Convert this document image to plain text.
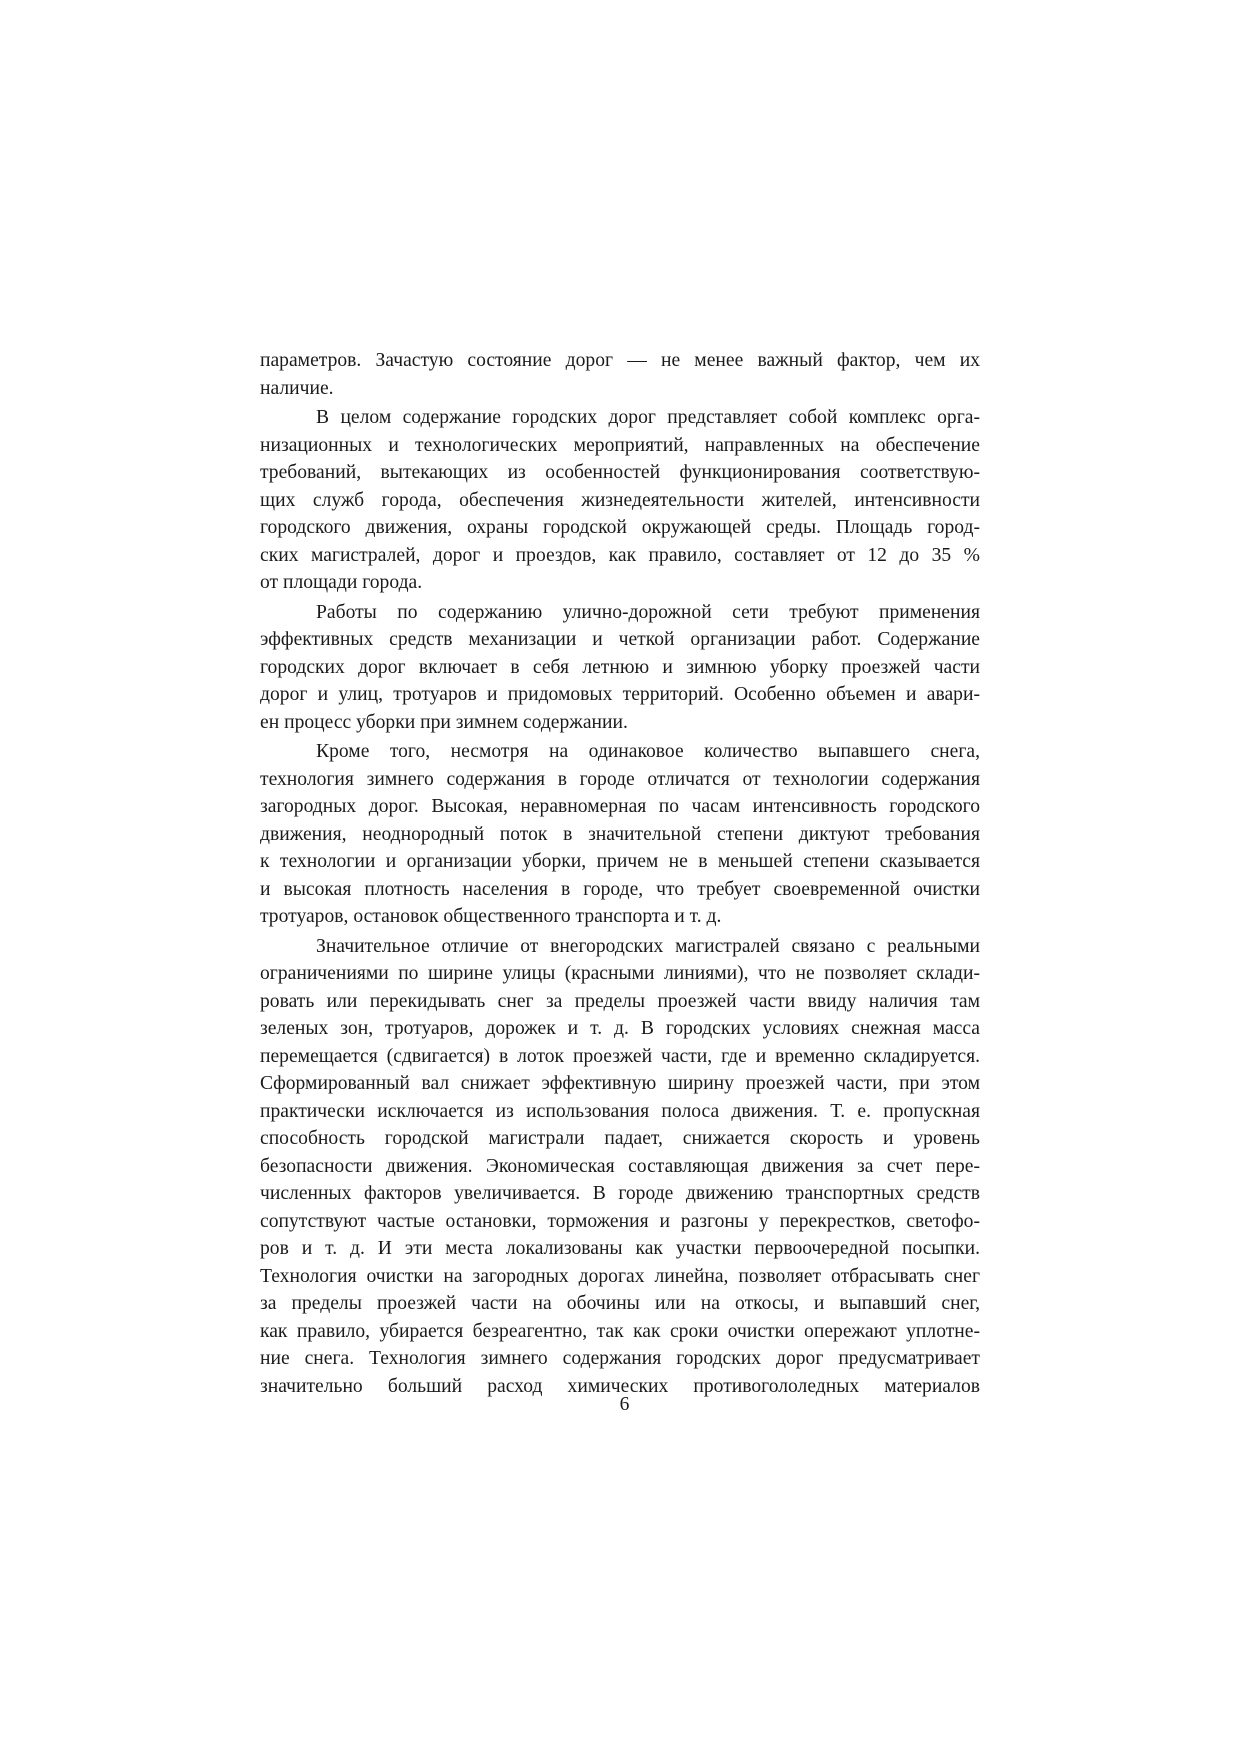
параметров. Зачастую состояние дорог — не менее важный фактор, чем их
наличие.
В целом содержание городских дорог представляет собой комплекс орга-
низационных и технологических мероприятий, направленных на обеспечение
требований, вытекающих из особенностей функционирования соответствую-
щих служб города, обеспечения жизнедеятельности жителей, интенсивности
городского движения, охраны городской окружающей среды. Площадь город-
ских магистралей, дорог и проездов, как правило, составляет от 12 до 35 %
от площади города.
Работы по содержанию улично-дорожной сети требуют применения
эффективных средств механизации и четкой организации работ. Содержание
городских дорог включает в себя летнюю и зимнюю уборку проезжей части
дорог и улиц, тротуаров и придомовых территорий. Особенно объемен и авари-
ен процесс уборки при зимнем содержании.
Кроме того, несмотря на одинаковое количество выпавшего снега,
технология зимнего содержания в городе отличатся от технологии содержания
загородных дорог. Высокая, неравномерная по часам интенсивность городского
движения, неоднородный поток в значительной степени диктуют требования
к технологии и организации уборки, причем не в меньшей степени сказывается
и высокая плотность населения в городе, что требует своевременной очистки
тротуаров, остановок общественного транспорта и т. д.
Значительное отличие от внегородских магистралей связано с реальными
ограничениями по ширине улицы (красными линиями), что не позволяет склади-
ровать или перекидывать снег за пределы проезжей части ввиду наличия там
зеленых зон, тротуаров, дорожек и т. д. В городских условиях снежная масса
перемещается (сдвигается) в лоток проезжей части, где и временно складируется.
Сформированный вал снижает эффективную ширину проезжей части, при этом
практически исключается из использования полоса движения. Т. е. пропускная
способность городской магистрали падает, снижается скорость и уровень
безопасности движения. Экономическая составляющая движения за счет пере-
численных факторов увеличивается. В городе движению транспортных средств
сопутствуют частые остановки, торможения и разгоны у перекрестков, светофо-
ров и т. д. И эти места локализованы как участки первоочередной посыпки.
Технология очистки на загородных дорогах линейна, позволяет отбрасывать снег
за пределы проезжей части на обочины или на откосы, и выпавший снег,
как правило, убирается безреагентно, так как сроки очистки опережают уплотне-
ние снега. Технология зимнего содержания городских дорог предусматривает
значительно больший расход химических противогололедных материалов
6
